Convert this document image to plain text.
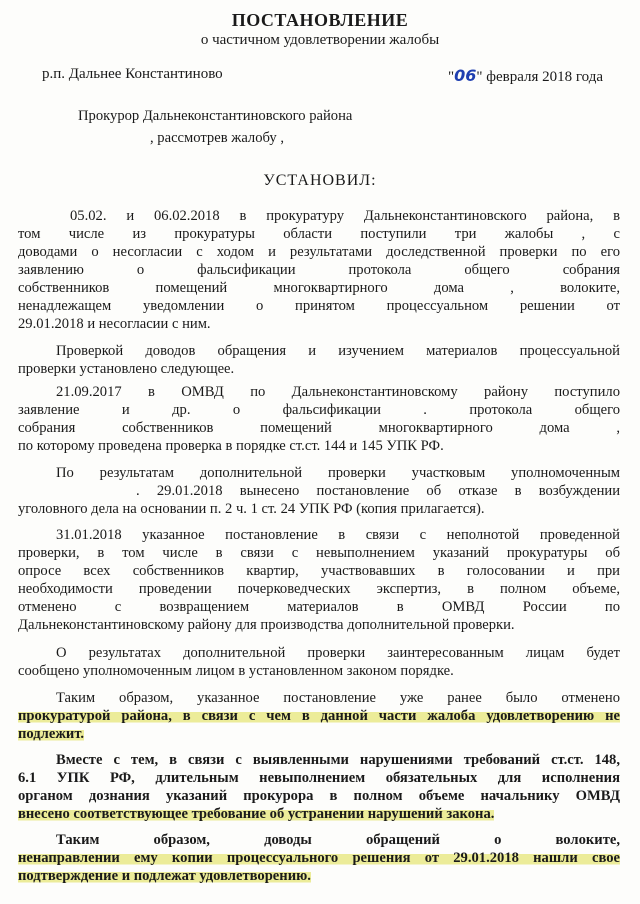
ПОСТАНОВЛЕНИЕ
о частичном удовлетворении жалобы
р.п. Дальнее Константиново	"06" февраля 2018 года
Прокурор Дальнеконстантиновского района
, рассмотрев жалобу ,
УСТАНОВИЛ:
05.02. и 06.02.2018 в прокуратуру Дальнеконстантиновского района, в
том числе из прокуратуры области поступили три жалобы , с
доводами о несогласии с ходом и результатами доследственной проверки по его
заявлению о фальсификации протокола общего собрания
собственников помещений многоквартирного дома , волоките,
ненадлежащем уведомлении о принятом процессуальном решении от
29.01.2018 и несогласии с ним.
Проверкой доводов обращения и изучением материалов процессуальной
проверки установлено следующее.
21.09.2017 в ОМВД по Дальнеконстантиновскому району поступило
заявление и др. о фальсификации . протокола общего
собрания собственников помещений многоквартирного дома ,
по которому проведена проверка в порядке ст.ст. 144 и 145 УПК РФ.
По результатам дополнительной проверки участковым уполномоченным
. 29.01.2018 вынесено постановление об отказе в возбуждении
уголовного дела на основании п. 2 ч. 1 ст. 24 УПК РФ (копия прилагается).
31.01.2018 указанное постановление в связи с неполнотой проведенной
проверки, в том числе в связи с невыполнением указаний прокуратуры об
опросе всех собственников квартир, участвовавших в голосовании и при
необходимости проведении почерковедческих экспертиз, в полном объеме,
отменено с возвращением материалов в ОМВД России по
Дальнеконстантиновскому району для производства дополнительной проверки.
О результатах дополнительной проверки заинтересованным лицам будет
сообщено уполномоченным лицом в установленном законом порядке.
Таким образом, указанное постановление уже ранее было отменено
прокуратурой района, в связи с чем в данной части жалоба удовлетворению не
подлежит.
Вместе с тем, в связи с выявленными нарушениями требований ст.ст. 148,
6.1 УПК РФ, длительным невыполнением обязательных для исполнения
органом дознания указаний прокурора в полном объеме начальнику ОМВД
внесено соответствующее требование об устранении нарушений закона.
Таким образом, доводы обращений о волоките,
ненаправлении ему копии процессуального решения от 29.01.2018 нашли свое
подтверждение и подлежат удовлетворению.
